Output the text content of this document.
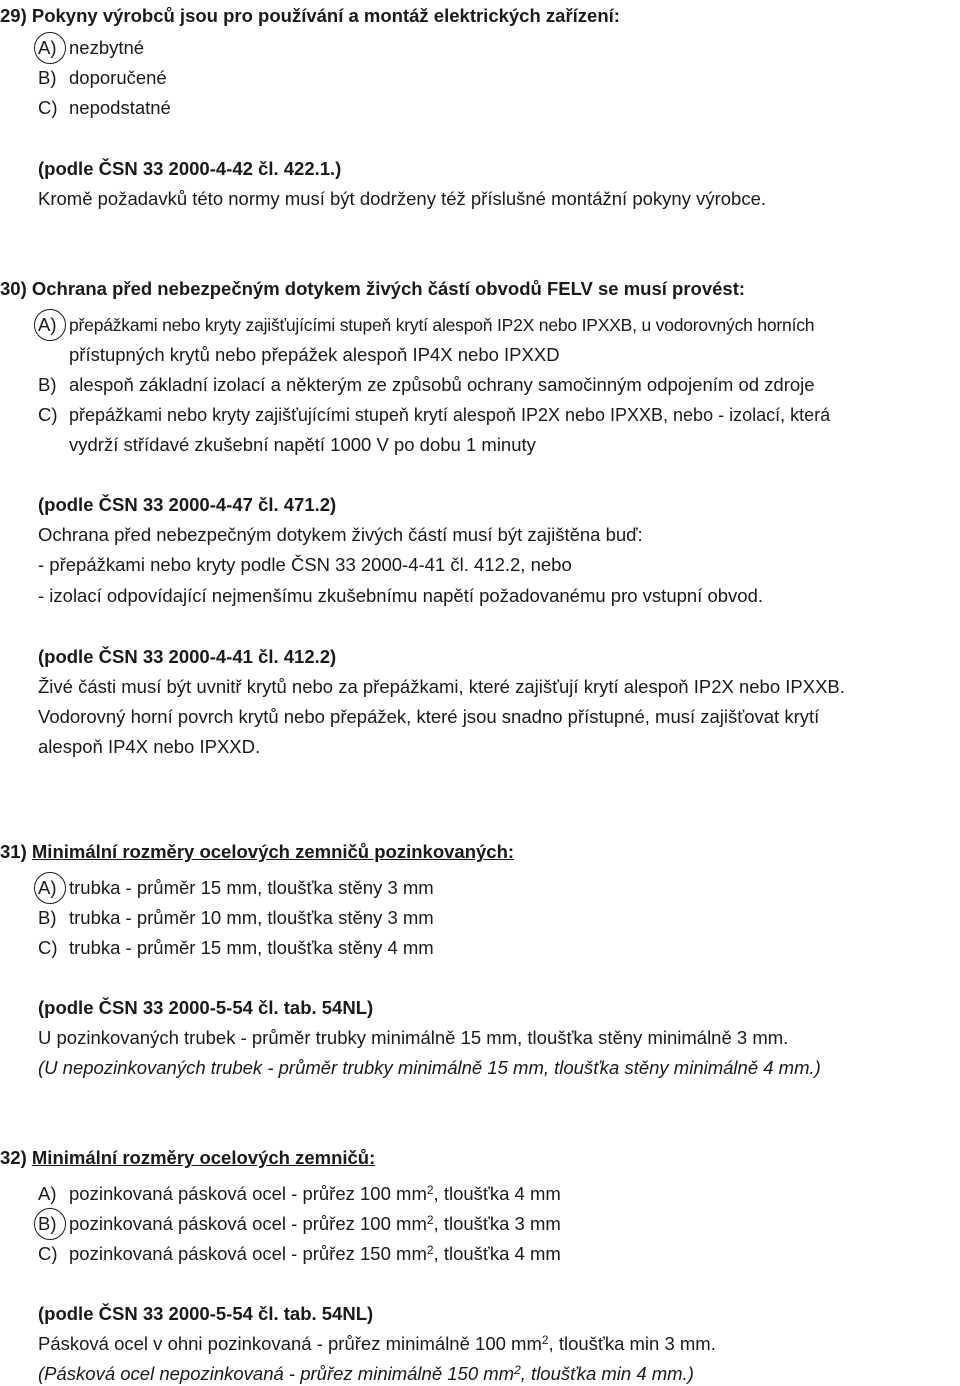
29) Pokyny výrobců jsou pro používání a montáž elektrických zařízení:
A) nezbytné
B) doporučené
C) nepodstatné
(podle ČSN 33 2000-4-42 čl. 422.1.)
Kromě požadavků této normy musí být dodrženy též příslušné montážní pokyny výrobce.
30) Ochrana před nebezpečným dotykem živých částí obvodů FELV se musí provést:
A) přepážkami nebo kryty zajišťujícími stupeň krytí alespoň IP2X nebo IPXXB, u vodorovných horních
přístupných krytů nebo přepážek alespoň IP4X nebo IPXXD
B) alespoň základní izolací a některým ze způsobů ochrany samočinným odpojením od zdroje
C) přepážkami nebo kryty zajišťujícími stupeň krytí alespoň IP2X nebo IPXXB, nebo - izolací, která
vydrží střídavé zkušební napětí 1000 V po dobu 1 minuty
(podle ČSN 33 2000-4-47 čl. 471.2)
Ochrana před nebezpečným dotykem živých částí musí být zajištěna buď:
- přepážkami nebo kryty podle ČSN 33 2000-4-41 čl. 412.2, nebo
- izolací odpovídající nejmenšímu zkušebnímu napětí požadovanému pro vstupní obvod.
(podle ČSN 33 2000-4-41 čl. 412.2)
Živé části musí být uvnitř krytů nebo za přepážkami, které zajišťují krytí alespoň IP2X nebo IPXXB.
Vodorovný horní povrch krytů nebo přepážek, které jsou snadno přístupné, musí zajišťovat krytí
alespoň IP4X nebo IPXXD.
31) Minimální rozměry ocelových zemničů pozinkovaných:
A) trubka - průměr 15 mm, tloušťka stěny 3 mm
B) trubka - průměr 10 mm, tloušťka stěny 3 mm
C) trubka - průměr 15 mm, tloušťka stěny 4 mm
(podle ČSN 33 2000-5-54 čl. tab. 54NL)
U pozinkovaných trubek - průměr trubky minimálně 15 mm, tloušťka stěny minimálně 3 mm.
(U nepozinkovaných trubek - průměr trubky minimálně 15 mm, tloušťka stěny minimálně 4 mm.)
32) Minimální rozměry ocelových zemničů:
A) pozinkovaná pásková ocel - průřez 100 $mm^2$, tloušťka 4 mm
B) pozinkovaná pásková ocel - průřez 100 $mm^2$, tloušťka 3 mm
C) pozinkovaná pásková ocel - průřez 150 $mm^2$, tloušťka 4 mm
(podle ČSN 33 2000-5-54 čl. tab. 54NL)
Pásková ocel v ohni pozinkovaná - průřez minimálně 100 $mm^2$, tloušťka min 3 mm.
(Pásková ocel nepozinkovaná - průřez minimálně 150 $mm^2$, tloušťka min 4 mm.)
